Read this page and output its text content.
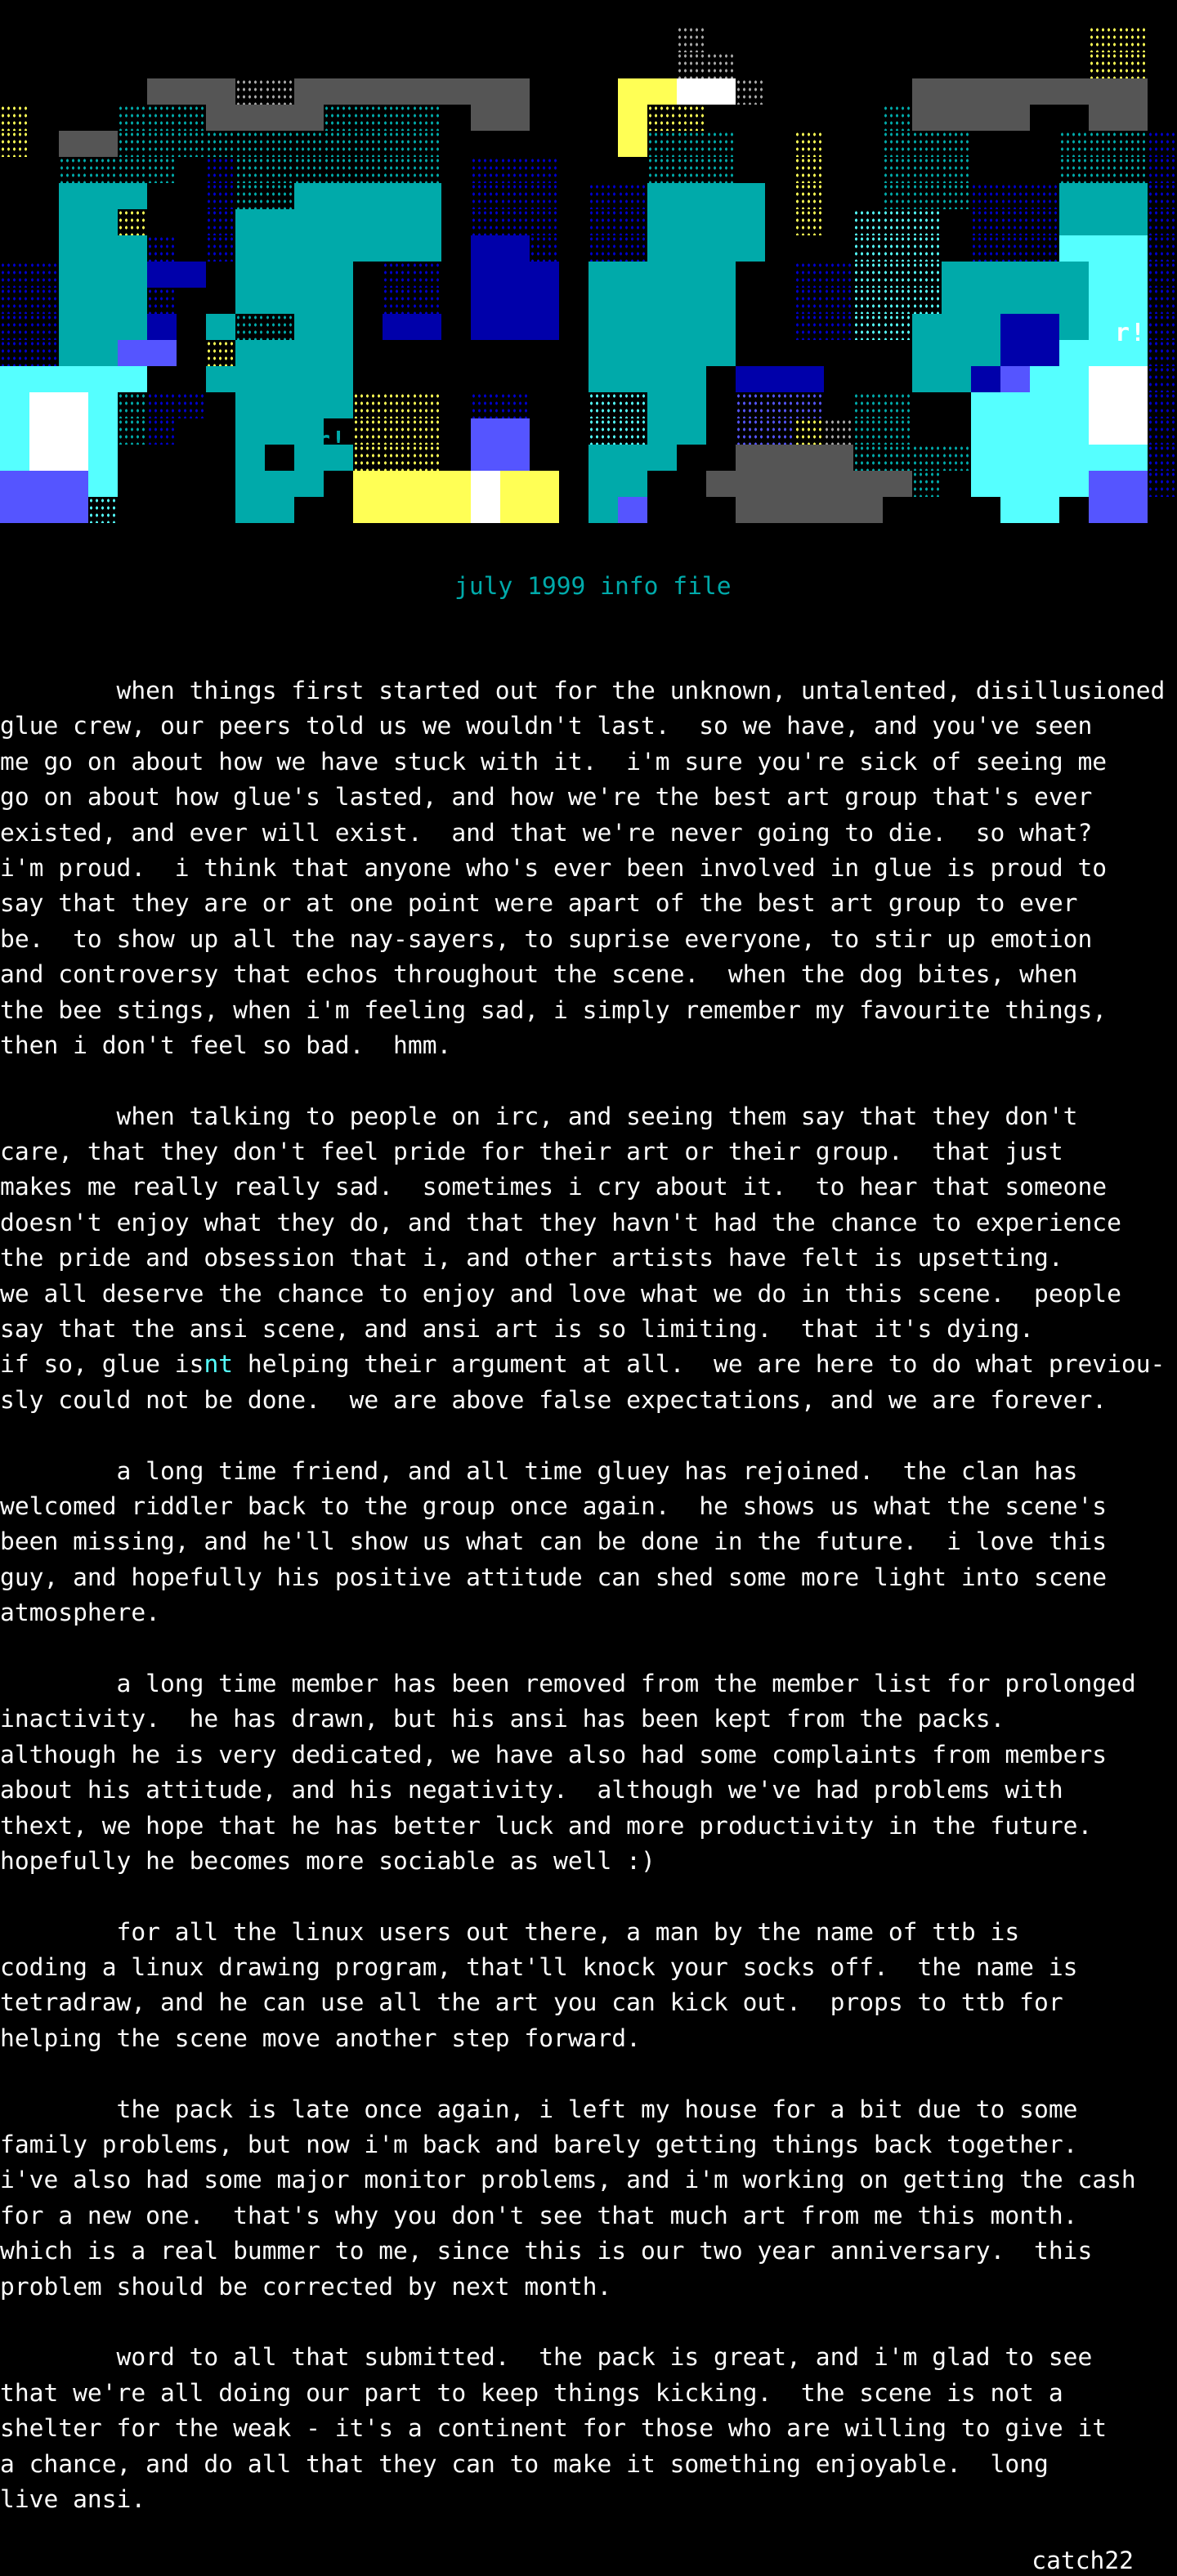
r!
r!
july 1999 info file
when things first started out for the unknown, untalented, disillusioned
glue crew, our peers told us we wouldn't last.  so we have, and you've seen
me go on about how we have stuck with it.  i'm sure you're sick of seeing me
go on about how glue's lasted, and how we're the best art group that's ever
existed, and ever will exist.  and that we're never going to die.  so what?
i'm proud.  i think that anyone who's ever been involved in glue is proud to
say that they are or at one point were apart of the best art group to ever
be.  to show up all the nay-sayers, to suprise everyone, to stir up emotion
and controversy that echos throughout the scene.  when the dog bites, when
the bee stings, when i'm feeling sad, i simply remember my favourite things,
then i don't feel so bad.  hmm.
when talking to people on irc, and seeing them say that they don't
care, that they don't feel pride for their art or their group.  that just
makes me really really sad.  sometimes i cry about it.  to hear that someone
doesn't enjoy what they do, and that they havn't had the chance to experience
the pride and obsession that i, and other artists have felt is upsetting.
we all deserve the chance to enjoy and love what we do in this scene.  people
say that the ansi scene, and ansi art is so limiting.  that it's dying.
if so, glue isnt helping their argument at all.  we are here to do what previou-
sly could not be done.  we are above false expectations, and we are forever.
a long time friend, and all time gluey has rejoined.  the clan has
welcomed riddler back to the group once again.  he shows us what the scene's
been missing, and he'll show us what can be done in the future.  i love this
guy, and hopefully his positive attitude can shed some more light into scene
atmosphere.
a long time member has been removed from the member list for prolonged
inactivity.  he has drawn, but his ansi has been kept from the packs.
although he is very dedicated, we have also had some complaints from members
about his attitude, and his negativity.  although we've had problems with
thext, we hope that he has better luck and more productivity in the future.
hopefully he becomes more sociable as well :)
for all the linux users out there, a man by the name of ttb is
coding a linux drawing program, that'll knock your socks off.  the name is
tetradraw, and he can use all the art you can kick out.  props to ttb for
helping the scene move another step forward.
the pack is late once again, i left my house for a bit due to some
family problems, but now i'm back and barely getting things back together.
i've also had some major monitor problems, and i'm working on getting the cash
for a new one.  that's why you don't see that much art from me this month.
which is a real bummer to me, since this is our two year anniversary.  this
problem should be corrected by next month.
word to all that submitted.  the pack is great, and i'm glad to see
that we're all doing our part to keep things kicking.  the scene is not a
shelter for the weak - it's a continent for those who are willing to give it
a chance, and do all that they can to make it something enjoyable.  long
live ansi.
catch22
